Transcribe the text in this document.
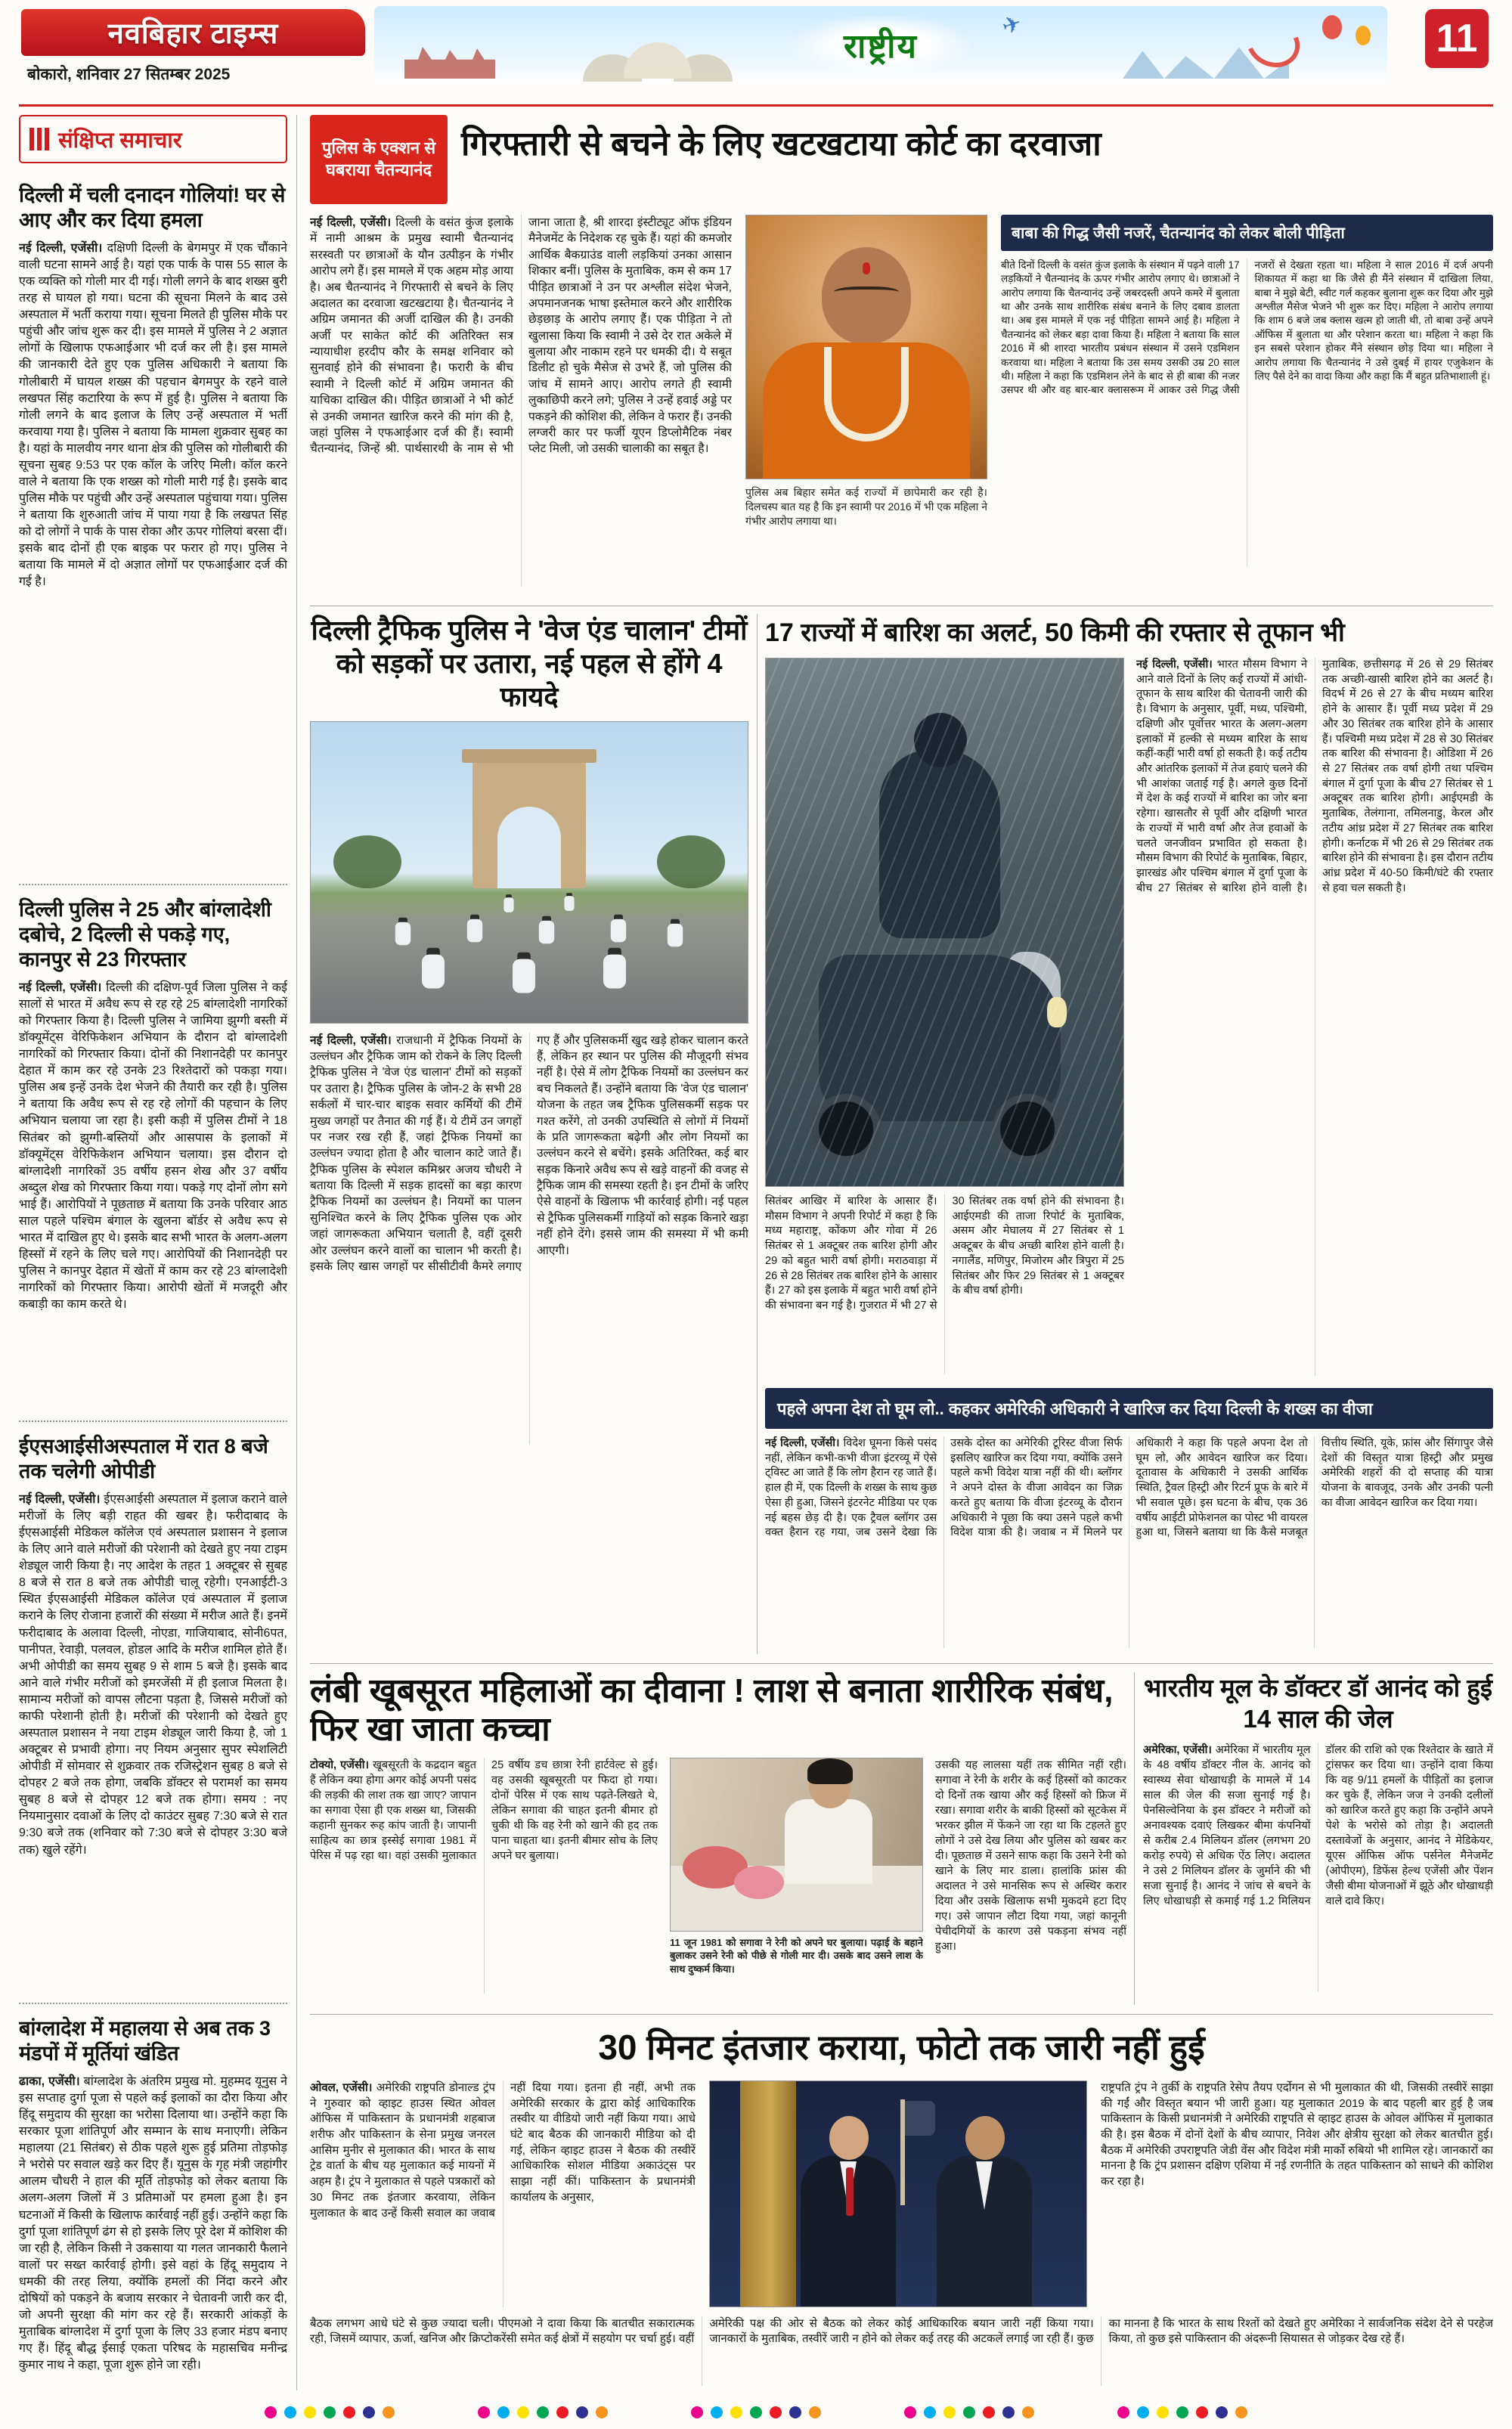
नवबिहार टाइम्स
बोकारो, शनिवार 27 सितम्बर 2025
✈
राष्ट्रीय	11
संक्षिप्त समाचार
दिल्ली में चली दनादन गोलियां! घर से आए और कर दिया हमला

नई दिल्ली, एजेंसी। दक्षिणी दिल्ली के बेगमपुर में एक चौंकाने वाली घटना सामने आई है। यहां एक पार्क के पास 55 साल के एक व्यक्ति को गोली मार दी गई। गोली लगने के बाद शख्स बुरी तरह से घायल हो गया। घटना की सूचना मिलने के बाद उसे अस्पताल में भर्ती कराया गया। सूचना मिलते ही पुलिस मौके पर पहुंची और जांच शुरू कर दी। इस मामले में पुलिस ने 2 अज्ञात लोगों के खिलाफ एफआईआर भी दर्ज कर ली है। इस मामले की जानकारी देते हुए एक पुलिस अधिकारी ने बताया कि गोलीबारी में घायल शख्स की पहचान बेगमपुर के रहने वाले लखपत सिंह कटारिया के रूप में हुई है। पुलिस ने बताया कि गोली लगने के बाद इलाज के लिए उन्हें अस्पताल में भर्ती करवाया गया है। पुलिस ने बताया कि मामला शुक्रवार सुबह का है। यहां के मालवीय नगर थाना क्षेत्र की पुलिस को गोलीबारी की सूचना सुबह 9:53 पर एक कॉल के जरिए मिली। कॉल करने वाले ने बताया कि एक शख्स को गोली मारी गई है। इसके बाद पुलिस मौके पर पहुंची और उन्हें अस्पताल पहुंचाया गया। पुलिस ने बताया कि शुरुआती जांच में पाया गया है कि लखपत सिंह को दो लोगों ने पार्क के पास रोका और ऊपर गोलियां बरसा दीं। इसके बाद दोनों ही एक बाइक पर फरार हो गए। पुलिस ने बताया कि मामले में दो अज्ञात लोगों पर एफआईआर दर्ज की गई है।

दिल्ली पुलिस ने 25 और बांग्लादेशी दबोचे, 2 दिल्ली से पकड़े गए, कानपुर से 23 गिरफ्तार

नई दिल्ली, एजेंसी। दिल्ली की दक्षिण-पूर्व जिला पुलिस ने कई सालों से भारत में अवैध रूप से रह रहे 25 बांग्लादेशी नागरिकों को गिरफ्तार किया है। दिल्ली पुलिस ने जामिया झुग्गी बस्ती में डॉक्यूमेंट्स वेरिफिकेशन अभियान के दौरान दो बांग्लादेशी नागरिकों को गिरफ्तार किया। दोनों की निशानदेही पर कानपुर देहात में काम कर रहे उनके 23 रिश्तेदारों को पकड़ा गया। पुलिस अब इन्हें उनके देश भेजने की तैयारी कर रही है। पुलिस ने बताया कि अवैध रूप से रह रहे लोगों की पहचान के लिए अभियान चलाया जा रहा है। इसी कड़ी में पुलिस टीमों ने 18 सितंबर को झुग्गी-बस्तियों और आसपास के इलाकों में डॉक्यूमेंट्स वेरिफिकेशन अभियान चलाया। इस दौरान दो बांग्लादेशी नागरिकों 35 वर्षीय हसन शेख और 37 वर्षीय अब्दुल शेख को गिरफ्तार किया गया। पकड़े गए दोनों लोग सगे भाई हैं। आरोपियों ने पूछताछ में बताया कि उनके परिवार आठ साल पहले पश्चिम बंगाल के खुलना बॉर्डर से अवैध रूप से भारत में दाखिल हुए थे। इसके बाद सभी भारत के अलग-अलग हिस्सों में रहने के लिए चले गए। आरोपियों की निशानदेही पर पुलिस ने कानपुर देहात में खेतों में काम कर रहे 23 बांग्लादेशी नागरिकों को गिरफ्तार किया। आरोपी खेतों में मजदूरी और कबाड़ी का काम करते थे।

ईएसआईसीअस्पताल में रात 8 बजे तक चलेगी ओपीडी

नई दिल्ली, एजेंसी। ईएसआईसी अस्पताल में इलाज कराने वाले मरीजों के लिए बड़ी राहत की खबर है। फरीदाबाद के ईएसआईसी मेडिकल कॉलेज एवं अस्पताल प्रशासन ने इलाज के लिए आने वाले मरीजों की परेशानी को देखते हुए नया टाइम शेड्यूल जारी किया है। नए आदेश के तहत 1 अक्टूबर से सुबह 8 बजे से रात 8 बजे तक ओपीडी चालू रहेगी। एनआईटी-3 स्थित ईएसआईसी मेडिकल कॉलेज एवं अस्पताल में इलाज कराने के लिए रोजाना हजारों की संख्या में मरीज आते हैं। इनमें फरीदाबाद के अलावा दिल्ली, नोएडा, गाजियाबाद, सोनी6पत, पानीपत, रेवाड़ी, पलवल, होडल आदि के मरीज शामिल होते हैं। अभी ओपीडी का समय सुबह 9 से शाम 5 बजे है। इसके बाद आने वाले गंभीर मरीजों को इमरजेंसी में ही इलाज मिलता है। सामान्य मरीजों को वापस लौटना पड़ता है, जिससे मरीजों को काफी परेशानी होती है। मरीजों की परेशानी को देखते हुए अस्पताल प्रशासन ने नया टाइम शेड्यूल जारी किया है, जो 1 अक्टूबर से प्रभावी होगा। नए नियम अनुसार सुपर स्पेशलिटी ओपीडी में सोमवार से शुक्रवार तक रजिस्ट्रेशन सुबह 8 बजे से दोपहर 2 बजे तक होगा, जबकि डॉक्टर से परामर्श का समय सुबह 8 बजे से दोपहर 12 बजे तक होगा। समय : नए नियमानुसार दवाओं के लिए दो काउंटर सुबह 7:30 बजे से रात 9:30 बजे तक (शनिवार को 7:30 बजे से दोपहर 3:30 बजे तक) खुले रहेंगे।

बांग्लादेश में महालया से अब तक 3 मंडपों में मूर्तियां खंडित

ढाका, एजेंसी। बांग्लादेश के अंतरिम प्रमुख मो. मुहम्मद यूनुस ने इस सप्ताह दुर्गा पूजा से पहले कई इलाकों का दौरा किया और हिंदू समुदाय की सुरक्षा का भरोसा दिलाया था। उन्होंने कहा कि सरकार पूजा शांतिपूर्ण और सम्मान के साथ मनाएगी। लेकिन महालया (21 सितंबर) से ठीक पहले शुरू हुई प्रतिमा तोड़फोड़ ने भरोसे पर सवाल खड़े कर दिए हैं। यूनुस के गृह मंत्री जहांगीर आलम चौधरी ने हाल की मूर्ति तोड़फोड़ को लेकर बताया कि अलग-अलग जिलों में 3 प्रतिमाओं पर हमला हुआ है। इन घटनाओं में किसी के खिलाफ कार्रवाई नहीं हुई। उन्होंने कहा कि दुर्गा पूजा शांतिपूर्ण ढंग से हो इसके लिए पूरे देश में कोशिश की जा रही है, लेकिन किसी ने उकसाया या गलत जानकारी फैलाने वालों पर सख्त कार्रवाई होगी। इसे वहां के हिंदू समुदाय ने धमकी की तरह लिया, क्योंकि हमलों की निंदा करने और दोषियों को पकड़ने के बजाय सरकार ने चेतावनी जारी कर दी, जो अपनी सुरक्षा की मांग कर रहे हैं। सरकारी आंकड़ों के मुताबिक बांग्लादेश में दुर्गा पूजा के लिए 33 हजार मंडप बनाए गए हैं। हिंदू बौद्ध ईसाई एकता परिषद के महासचिव मनीन्द्र कुमार नाथ ने कहा, पूजा शुरू होने जा रही।

पुलिस के एक्शन से घबराया चैतन्यानंद
गिरफ्तारी से बचने के लिए खटखटाया कोर्ट का दरवाजा

नई दिल्ली, एजेंसी। दिल्ली के वसंत कुंज इलाके में नामी आश्रम के प्रमुख स्वामी चैतन्यानंद सरस्वती पर छात्राओं के यौन उत्पीड़न के गंभीर आरोप लगे हैं। इस मामले में एक अहम मोड़ आया है। अब चैतन्यानंद ने गिरफ्तारी से बचने के लिए अदालत का दरवाजा खटखटाया है। चैतन्यानंद ने अग्रिम जमानत की अर्जी दाखिल की है। उनकी अर्जी पर साकेत कोर्ट की अतिरिक्त सत्र न्यायाधीश हरदीप कौर के समक्ष शनिवार को सुनवाई होने की संभावना है। फरारी के बीच स्वामी ने दिल्ली कोर्ट में अग्रिम जमानत की याचिका दाखिल की। पीड़ित छात्राओं ने भी कोर्ट से उनकी जमानत खारिज करने की मांग की है, जहां पुलिस ने एफआईआर दर्ज की हैं। स्वामी चैतन्यानंद, जिन्हें श्री. पार्थसारथी के नाम से भी जाना जाता है, श्री शारदा इंस्टीट्यूट ऑफ इंडियन मैनेजमेंट के निदेशक रह चुके हैं। यहां की कमजोर आर्थिक बैकग्राउंड वाली लड़कियां उनका आसान शिकार बनीं। पुलिस के मुताबिक, कम से कम 17 पीड़ित छात्राओं ने उन पर अश्लील संदेश भेजने, अपमानजनक भाषा इस्तेमाल करने और शारीरिक छेड़छाड़ के आरोप लगाए हैं। एक पीड़िता ने तो खुलासा किया कि स्वामी ने उसे देर रात अकेले में बुलाया और नाकाम रहने पर धमकी दी। ये सबूत डिलीट हो चुके मैसेज से उभरे हैं, जो पुलिस की जांच में सामने आए। आरोप लगते ही स्वामी लुकाछिपी करने लगे; पुलिस ने उन्हें हवाई अड्डे पर पकड़ने की कोशिश की, लेकिन वे फरार हैं। उनकी लग्जरी कार पर फर्जी यूएन डिप्लोमैटिक नंबर प्लेट मिली, जो उसकी चालाकी का सबूत है।

पुलिस अब बिहार समेत कई राज्यों में छापेमारी कर रही है। दिलचस्प बात यह है कि इन स्वामी पर 2016 में भी एक महिला ने गंभीर आरोप लगाया था।

बाबा की गिद्ध जैसी नजरें, चैतन्यानंद को लेकर बोली पीड़िता

बीते दिनों दिल्ली के वसंत कुंज इलाके के संस्थान में पढ़ने वाली 17 लड़कियों ने चैतन्यानंद के ऊपर गंभीर आरोप लगाए थे। छात्राओं ने आरोप लगाया कि चैतन्यानंद उन्हें जबरदस्ती अपने कमरे में बुलाता था और उनके साथ शारीरिक संबंध बनाने के लिए दबाव डालता था। अब इस मामले में एक नई पीड़िता सामने आई है। महिला ने चैतन्यानंद को लेकर बड़ा दावा किया है। महिला ने बताया कि साल 2016 में श्री शारदा भारतीय प्रबंधन संस्थान में उसने एडमिशन करवाया था। महिला ने बताया कि उस समय उसकी उम्र 20 साल थी। महिला ने कहा कि एडमिशन लेने के बाद से ही बाबा की नजर उसपर थी और वह बार-बार क्लासरूम में आकर उसे गिद्ध जैसी नजरों से देखता रहता था। महिला ने साल 2016 में दर्ज अपनी शिकायत में कहा था कि जैसे ही मैंने संस्थान में दाखिला लिया, बाबा ने मुझे बेटी, स्वीट गर्ल कहकर बुलाना शुरू कर दिया और मुझे अश्लील मैसेज भेजने भी शुरू कर दिए। महिला ने आरोप लगाया कि शाम 6 बजे जब क्लास खत्म हो जाती थी, तो बाबा उन्हें अपने ऑफिस में बुलाता था और परेशान करता था। महिला ने कहा कि इन सबसे परेशान होकर मैंने संस्थान छोड़ दिया था। महिला ने आरोप लगाया कि चैतन्यानंद ने उसे दुबई में हायर एजुकेशन के लिए पैसे देने का वादा किया और कहा कि मैं बहुत प्रतिभाशाली हूं।

दिल्ली ट्रैफिक पुलिस ने 'वेज एंड चालान' टीमों को सड़कों पर उतारा, नई पहल से होंगे 4 फायदे

नई दिल्ली, एजेंसी। राजधानी में ट्रैफिक नियमों के उल्लंघन और ट्रैफिक जाम को रोकने के लिए दिल्ली ट्रैफिक पुलिस ने 'वेज एंड चालान' टीमों को सड़कों पर उतारा है। ट्रैफिक पुलिस के जोन-2 के सभी 28 सर्कलों में चार-चार बाइक सवार कर्मियों की टीमें मुख्य जगहों पर तैनात की गई हैं। ये टीमें उन जगहों पर नजर रख रही हैं, जहां ट्रैफिक नियमों का उल्लंघन ज्यादा होता है और चालान काटे जाते हैं। ट्रैफिक पुलिस के स्पेशल कमिश्नर अजय चौधरी ने बताया कि दिल्ली में सड़क हादसों का बड़ा कारण ट्रैफिक नियमों का उल्लंघन है। नियमों का पालन सुनिश्चित करने के लिए ट्रैफिक पुलिस एक ओर जहां जागरूकता अभियान चलाती है, वहीं दूसरी ओर उल्लंघन करने वालों का चालान भी करती है। इसके लिए खास जगहों पर सीसीटीवी कैमरे लगाए गए हैं और पुलिसकर्मी खुद खड़े होकर चालान करते हैं, लेकिन हर स्थान पर पुलिस की मौजूदगी संभव नहीं है। ऐसे में लोग ट्रैफिक नियमों का उल्लंघन कर बच निकलते हैं। उन्होंने बताया कि 'वेज एंड चालान' योजना के तहत जब ट्रैफिक पुलिसकर्मी सड़क पर गश्त करेंगे, तो उनकी उपस्थिति से लोगों में नियमों के प्रति जागरूकता बढ़ेगी और लोग नियमों का उल्लंघन करने से बचेंगे। इसके अतिरिक्त, कई बार सड़क किनारे अवैध रूप से खड़े वाहनों की वजह से ट्रैफिक जाम की समस्या रहती है। इन टीमों के जरिए ऐसे वाहनों के खिलाफ भी कार्रवाई होगी। नई पहल से ट्रैफिक पुलिसकर्मी गाड़ियों को सड़क किनारे खड़ा नहीं होने देंगे। इससे जाम की समस्या में भी कमी आएगी।

17 राज्यों में बारिश का अलर्ट, 50 किमी की रफ्तार से तूफान भी

सितंबर आखिर में बारिश के आसार हैं। मौसम विभाग ने अपनी रिपोर्ट में कहा है कि मध्य महाराष्ट्र, कोंकण और गोवा में 26 सितंबर से 1 अक्टूबर तक बारिश होगी और 29 को बहुत भारी वर्षा होगी। मराठवाड़ा में 26 से 28 सितंबर तक बारिश होने के आसार हैं। 27 को इस इलाके में बहुत भारी वर्षा होने की संभावना बन गई है। गुजरात में भी 27 से 30 सितंबर तक वर्षा होने की संभावना है। आईएमडी की ताजा रिपोर्ट के मुताबिक, असम और मेघालय में 27 सितंबर से 1 अक्टूबर के बीच अच्छी बारिश होने वाली है। नगालैंड, मणिपुर, मिजोरम और त्रिपुरा में 25 सितंबर और फिर 29 सितंबर से 1 अक्टूबर के बीच वर्षा होगी।

नई दिल्ली, एजेंसी। भारत मौसम विभाग ने आने वाले दिनों के लिए कई राज्यों में आंधी-तूफान के साथ बारिश की चेतावनी जारी की है। विभाग के अनुसार, पूर्वी, मध्य, पश्चिमी, दक्षिणी और पूर्वोत्तर भारत के अलग-अलग इलाकों में हल्की से मध्यम बारिश के साथ कहीं-कहीं भारी वर्षा हो सकती है। कई तटीय और आंतरिक इलाकों में तेज हवाएं चलने की भी आशंका जताई गई है। अगले कुछ दिनों में देश के कई राज्यों में बारिश का जोर बना रहेगा। खासतौर से पूर्वी और दक्षिणी भारत के राज्यों में भारी वर्षा और तेज हवाओं के चलते जनजीवन प्रभावित हो सकता है। मौसम विभाग की रिपोर्ट के मुताबिक, बिहार, झारखंड और पश्चिम बंगाल में दुर्गा पूजा के बीच 27 सितंबर से बारिश होने वाली है। मुताबिक, छत्तीसगढ़ में 26 से 29 सितंबर तक अच्छी-खासी बारिश होने का अलर्ट है। विदर्भ में 26 से 27 के बीच मध्यम बारिश होने के आसार हैं। पूर्वी मध्य प्रदेश में 29 और 30 सितंबर तक बारिश होने के आसार हैं। पश्चिमी मध्य प्रदेश में 28 से 30 सितंबर तक बारिश की संभावना है। ओडिशा में 26 से 27 सितंबर तक वर्षा होगी तथा पश्चिम बंगाल में दुर्गा पूजा के बीच 27 सितंबर से 1 अक्टूबर तक बारिश होगी। आईएमडी के मुताबिक, तेलंगाना, तमिलनाडु, केरल और तटीय आंध्र प्रदेश में 27 सितंबर तक बारिश होगी। कर्नाटक में भी 26 से 29 सितंबर तक बारिश होने की संभावना है। इस दौरान तटीय आंध्र प्रदेश में 40-50 किमी/घंटे की रफ्तार से हवा चल सकती है।

पहले अपना देश तो घूम लो.. कहकर अमेरिकी अधिकारी ने खारिज कर दिया दिल्ली के शख्स का वीजा

नई दिल्ली, एजेंसी। विदेश घूमना किसे पसंद नहीं, लेकिन कभी-कभी वीजा इंटरव्यू में ऐसे ट्विस्ट आ जाते हैं कि लोग हैरान रह जाते हैं। हाल ही में, एक दिल्ली के शख्स के साथ कुछ ऐसा ही हुआ, जिसने इंटरनेट मीडिया पर एक नई बहस छेड़ दी है। एक ट्रैवल ब्लॉगर उस वक्त हैरान रह गया, जब उसने देखा कि उसके दोस्त का अमेरिकी टूरिस्ट वीजा सिर्फ इसलिए खारिज कर दिया गया, क्योंकि उसने पहले कभी विदेश यात्रा नहीं की थी। ब्लॉगर ने अपने दोस्त के वीजा आवेदन का जिक्र करते हुए बताया कि वीजा इंटरव्यू के दौरान अधिकारी ने पूछा कि क्या उसने पहले कभी विदेश यात्रा की है। जवाब न में मिलने पर अधिकारी ने कहा कि पहले अपना देश तो घूम लो, और आवेदन खारिज कर दिया। दूतावास के अधिकारी ने उसकी आर्थिक स्थिति, ट्रैवल हिस्ट्री और रिटर्न प्रूफ के बारे में भी सवाल पूछे। इस घटना के बीच, एक 36 वर्षीय आईटी प्रोफेशनल का पोस्ट भी वायरल हुआ था, जिसने बताया था कि कैसे मजबूत वित्तीय स्थिति, यूके, फ्रांस और सिंगापुर जैसे देशों की विस्तृत यात्रा हिस्ट्री और प्रमुख अमेरिकी शहरों की दो सप्ताह की यात्रा योजना के बावजूद, उनके और उनकी पत्नी का वीजा आवेदन खारिज कर दिया गया।

लंबी खूबसूरत महिलाओं का दीवाना ! लाश से बनाता शारीरिक संबंध, फिर खा जाता कच्चा

टोक्यो, एजेंसी। खूबसूरती के कद्रदान बहुत हैं लेकिन क्या होगा अगर कोई अपनी पसंद की लड़की की लाश तक खा जाए? जापान का सगावा ऐसा ही एक शख्स था, जिसकी कहानी सुनकर रूह कांप जाती है। जापानी साहित्य का छात्र इस्सेई सगावा 1981 में पेरिस में पढ़ रहा था। वहां उसकी मुलाकात 25 वर्षीय डच छात्रा रेनी हार्टवेल्ट से हुई। वह उसकी खूबसूरती पर फिदा हो गया। दोनों पेरिस में एक साथ पढ़ते-लिखते थे, लेकिन सगावा की चाहत इतनी बीमार हो चुकी थी कि वह रेनी को खाने की हद तक पाना चाहता था। इतनी बीमार सोच के लिए अपने घर बुलाया।

11 जून 1981 को सगावा ने रेनी को अपने घर बुलाया। पढ़ाई के बहाने बुलाकर उसने रेनी को पीछे से गोली मार दी। उसके बाद उसने लाश के साथ दुष्कर्म किया।

उसकी यह लालसा यहीं तक सीमित नहीं रही। सगावा ने रेनी के शरीर के कई हिस्सों को काटकर दो दिनों तक खाया और कई हिस्सों को फ्रिज में रखा। सगावा शरीर के बाकी हिस्सों को सूटकेस में भरकर झील में फेंकने जा रहा था कि टहलते हुए लोगों ने उसे देख लिया और पुलिस को खबर कर दी। पूछताछ में उसने साफ कहा कि उसने रेनी को खाने के लिए मार डाला। हालांकि फ्रांस की अदालत ने उसे मानसिक रूप से अस्थिर करार दिया और उसके खिलाफ सभी मुकदमे हटा दिए गए। उसे जापान लौटा दिया गया, जहां कानूनी पेचीदगियों के कारण उसे पकड़ना संभव नहीं हुआ।

भारतीय मूल के डॉक्टर डॉ आनंद को हुई 14 साल की जेल

अमेरिका, एजेंसी। अमेरिका में भारतीय मूल के 48 वर्षीय डॉक्टर नील के. आनंद को स्वास्थ्य सेवा धोखाधड़ी के मामले में 14 साल की जेल की सजा सुनाई गई है। पेनसिल्वेनिया के इस डॉक्टर ने मरीजों को अनावश्यक दवाएं लिखकर बीमा कंपनियों से करीब 2.4 मिलियन डॉलर (लगभग 20 करोड़ रुपये) से अधिक ऐंठ लिए। अदालत ने उसे 2 मिलियन डॉलर के जुर्माने की भी सजा सुनाई है। आनंद ने जांच से बचने के लिए धोखाधड़ी से कमाई गई 1.2 मिलियन डॉलर की राशि को एक रिश्तेदार के खाते में ट्रांसफर कर दिया था। उन्होंने दावा किया कि वह 9/11 हमलों के पीड़ितों का इलाज कर चुके हैं, लेकिन जज ने उनकी दलीलों को खारिज करते हुए कहा कि उन्होंने अपने पेशे के भरोसे को तोड़ा है। अदालती दस्तावेजों के अनुसार, आनंद ने मेडिकेयर, यूएस ऑफिस ऑफ पर्सनेल मैनेजमेंट (ओपीएम), डिफेंस हेल्थ एजेंसी और पेंशन जैसी बीमा योजनाओं में झूठे और धोखाधड़ी वाले दावे किए।

30 मिनट इंतजार कराया, फोटो तक जारी नहीं हुई

ओवल, एजेंसी। अमेरिकी राष्ट्रपति डोनाल्ड ट्रंप ने गुरुवार को व्हाइट हाउस स्थित ओवल ऑफिस में पाकिस्तान के प्रधानमंत्री शहबाज शरीफ और पाकिस्तान के सेना प्रमुख जनरल आसिम मुनीर से मुलाकात की। भारत के साथ ट्रेड वार्ता के बीच यह मुलाकात कई मायनों में अहम है। ट्रंप ने मुलाकात से पहले पत्रकारों को 30 मिनट तक इंतजार करवाया, लेकिन मुलाकात के बाद उन्हें किसी सवाल का जवाब नहीं दिया गया। इतना ही नहीं, अभी तक अमेरिकी सरकार के द्वारा कोई आधिकारिक तस्वीर या वीडियो जारी नहीं किया गया। आधे घंटे बाद बैठक की जानकारी मीडिया को दी गई, लेकिन व्हाइट हाउस ने बैठक की तस्वीरें आधिकारिक सोशल मीडिया अकाउंट्स पर साझा नहीं कीं। पाकिस्तान के प्रधानमंत्री कार्यालय के अनुसार,

राष्ट्रपति ट्रंप ने तुर्की के राष्ट्रपति रेसेप तैयप एर्दोगन से भी मुलाकात की थी, जिसकी तस्वीरें साझा की गईं और विस्तृत बयान भी जारी हुआ। यह मुलाकात 2019 के बाद पहली बार हुई है जब पाकिस्तान के किसी प्रधानमंत्री ने अमेरिकी राष्ट्रपति से व्हाइट हाउस के ओवल ऑफिस में मुलाकात की है। इस बैठक में दोनों देशों के बीच व्यापार, निवेश और क्षेत्रीय सुरक्षा को लेकर बातचीत हुई। बैठक में अमेरिकी उपराष्ट्रपति जेडी वेंस और विदेश मंत्री मार्को रुबियो भी शामिल रहे। जानकारों का मानना है कि ट्रंप प्रशासन दक्षिण एशिया में नई रणनीति के तहत पाकिस्तान को साधने की कोशिश कर रहा है।

बैठक लगभग आधे घंटे से कुछ ज्यादा चली। पीएमओ ने दावा किया कि बातचीत सकारात्मक रही, जिसमें व्यापार, ऊर्जा, खनिज और क्रिप्टोकरेंसी समेत कई क्षेत्रों में सहयोग पर चर्चा हुई। वहीं अमेरिकी पक्ष की ओर से बैठक को लेकर कोई आधिकारिक बयान जारी नहीं किया गया। जानकारों के मुताबिक, तस्वीरें जारी न होने को लेकर कई तरह की अटकलें लगाई जा रही हैं। कुछ का मानना है कि भारत के साथ रिश्तों को देखते हुए अमेरिका ने सार्वजनिक संदेश देने से परहेज किया, तो कुछ इसे पाकिस्तान की अंदरूनी सियासत से जोड़कर देख रहे हैं।
